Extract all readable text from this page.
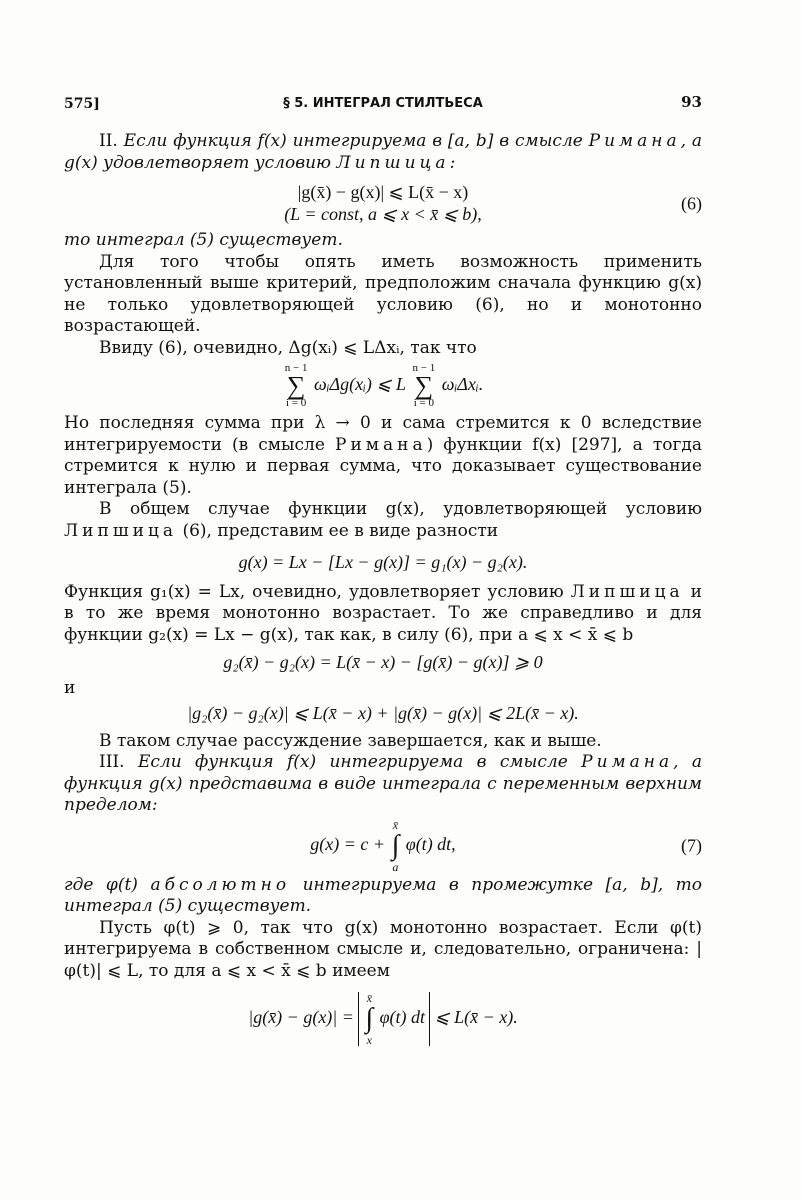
575]	§ 5. ИНТЕГРАЛ СТИЛТЬЕСА	93

II. Если функция f(x) интегрируема в [a, b] в смысле Римана, a g(x) удовлетворяет условию Липшица:

|g(x̄) − g(x)| ⩽ L(x̄ − x)
(L = const, a ⩽ x < x̄ ⩽ b),
(6)

то интеграл (5) существует.

Для того чтобы опять иметь возможность применить установленный выше критерий, предположим сначала функцию g(x) не только удовлетворяющей условию (6), но и монотонно возрастающей.

Ввиду (6), очевидно, Δg(xᵢ) ⩽ LΔxᵢ, так что

n − 1
∑
i = 0
ωᵢΔg(xᵢ) ⩽ L
n − 1
∑
i = 0
ωᵢΔxᵢ.

Но последняя сумма при λ → 0 и сама стремится к 0 вследствие интегрируемости (в смысле Римана) функции f(x) [297], а тогда стремится к нулю и первая сумма, что доказывает существование интеграла (5).

В общем случае функции g(x), удовлетворяющей условию Липшица (6), представим ее в виде разности

g(x) = Lx − [Lx − g(x)] = g₁(x) − g₂(x).

Функция g₁(x) = Lx, очевидно, удовлетворяет условию Липшица и в то же время монотонно возрастает. То же справедливо и для функции g₂(x) = Lx − g(x), так как, в силу (6), при a ⩽ x < x̄ ⩽ b

g₂(x̄) − g₂(x) = L(x̄ − x) − [g(x̄) − g(x)] ⩾ 0

и

|g₂(x̄) − g₂(x)| ⩽ L(x̄ − x) + |g(x̄) − g(x)| ⩽ 2L(x̄ − x).

В таком случае рассуждение завершается, как и выше.

III. Если функция f(x) интегрируема в смысле Римана, а функция g(x) представима в виде интеграла с переменным верхним пределом:

g(x) = c +
x̄
∫
a
φ(t) dt,	(7)

где φ(t) абсолютно интегрируема в промежутке [a, b], то интеграл (5) существует.

Пусть φ(t) ⩾ 0, так что g(x) монотонно возрастает. Если φ(t) интегрируема в собственном смысле и, следовательно, ограничена: |φ(t)| ⩽ L, то для a ⩽ x < x̄ ⩽ b имеем

|g(x̄) − g(x)| =
x̄
∫
x
φ(t) dt ⩽ L(x̄ − x).
